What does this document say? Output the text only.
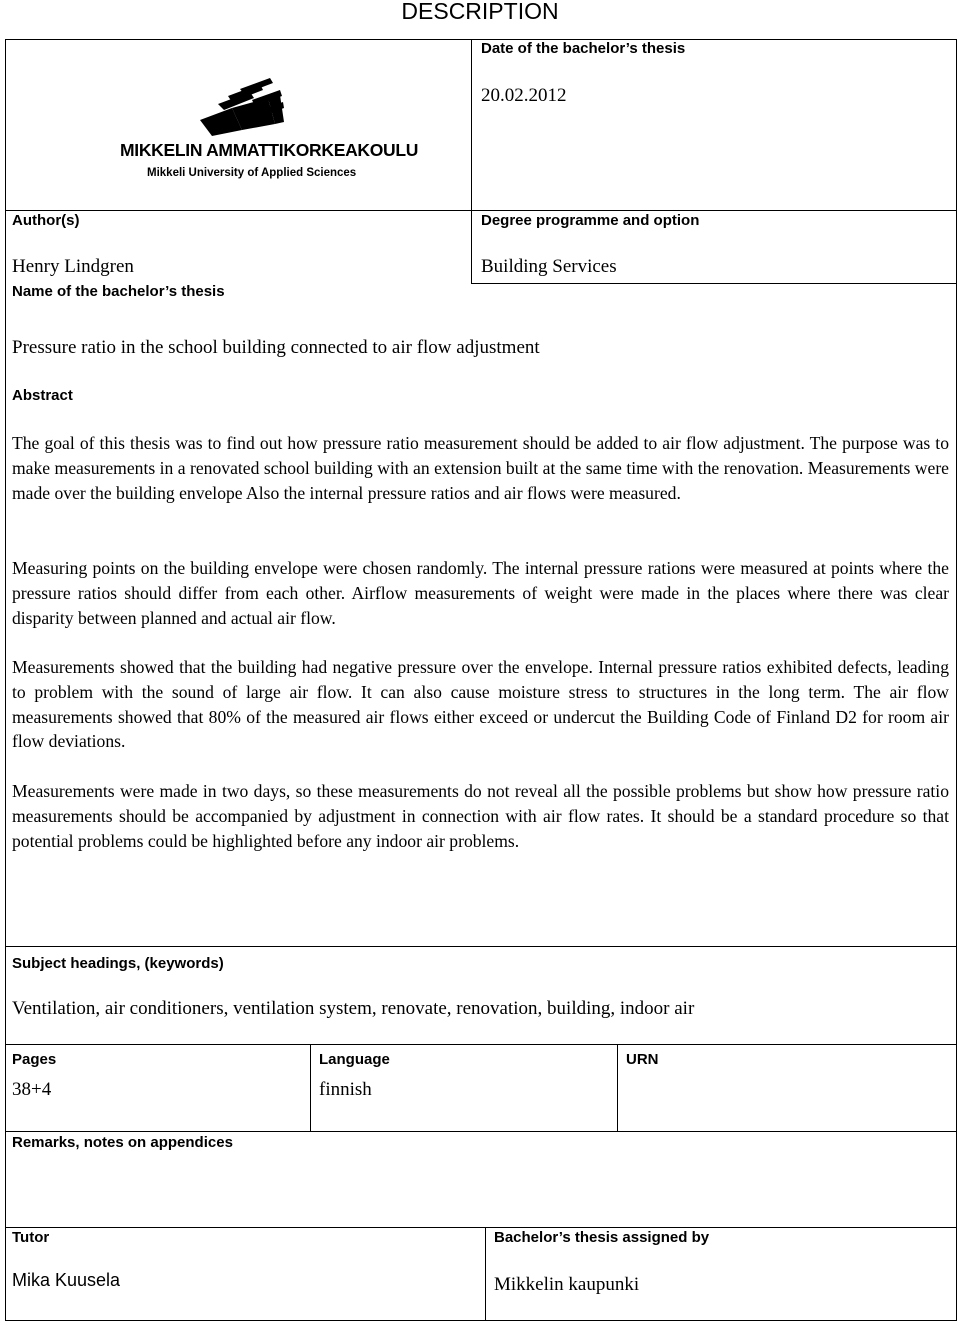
DESCRIPTION
MIKKELIN AMMATTIKORKEAKOULU
Mikkeli University of Applied Sciences
Date of the bachelor’s thesis
20.02.2012
Author(s)
Henry Lindgren
Degree programme and option
Building Services
Name of the bachelor’s thesis
Pressure ratio in the school building connected to air flow adjustment
Abstract
The goal of this thesis was to find out how pressure ratio measurement should be added to air flow adjustment. The purpose was to make measurements in a renovated school building with an extension built at the same time with the renovation. Measurements were made over the building envelope Also the internal pressure ratios and air flows were measured.
Measuring points on the building envelope were chosen randomly. The internal pressure rations were measured at points where the pressure ratios should differ from each other. Airflow measurements of weight were made in the places where there was clear disparity between planned and actual air flow.
Measurements showed that the building had negative pressure over the envelope. Internal pressure ratios exhibited defects, leading to problem with the sound of large air flow. It can also cause moisture stress to structures in the long term. The air flow measurements showed that 80% of the measured air flows either exceed or undercut the Building Code of Finland D2 for room air flow deviations.
Measurements were made in two days, so these measurements do not reveal all the possible problems but show how pressure ratio measurements should be accompanied by adjustment in connection with air flow rates. It should be a standard procedure so that potential problems could be highlighted before any indoor air problems.
Subject headings, (keywords)
Ventilation, air conditioners, ventilation system, renovate, renovation, building, indoor air
Pages
38+4
Language
finnish
URN
Remarks, notes on appendices
Tutor
Mika Kuusela
Bachelor’s thesis assigned by
Mikkelin kaupunki
